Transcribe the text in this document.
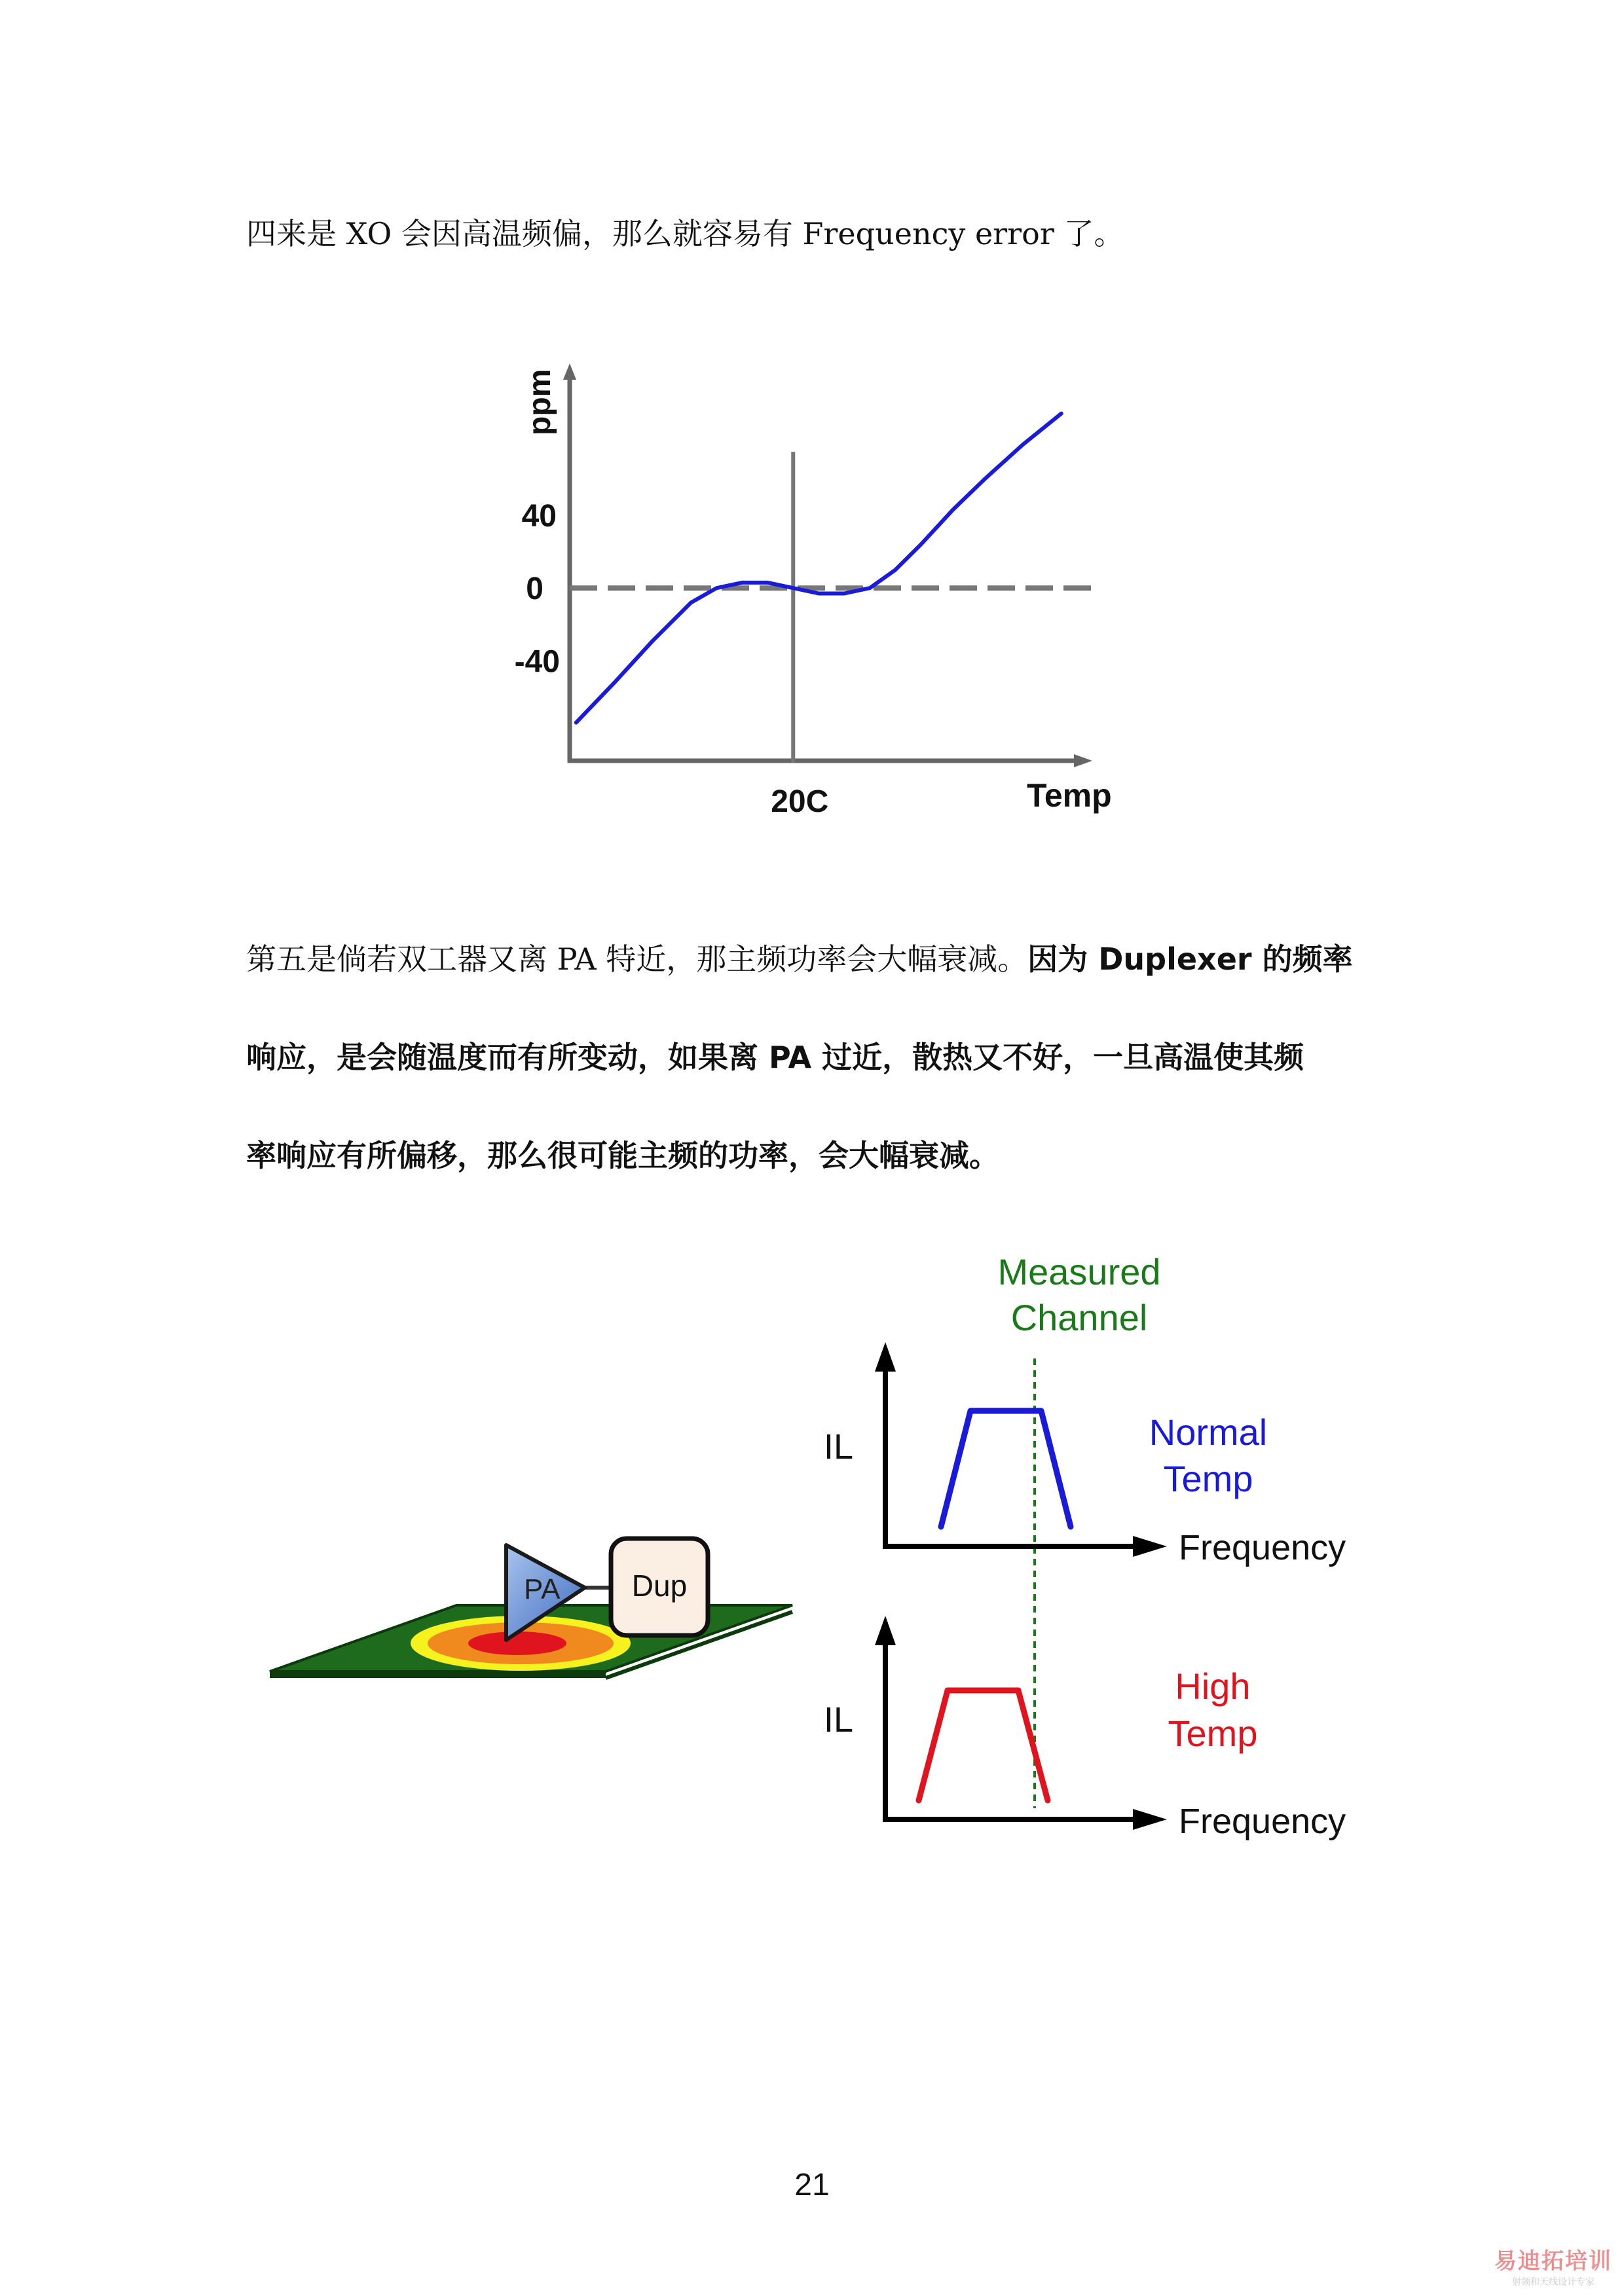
四来是 XO 会因高温频偏，那么就容易有 Frequency error 了。
ppm
40
0
-40
20C	Temp
PA Dup
Measured
Channel
IL
Frequency
Normal
Temp
IL
Frequency
High
Temp
第五是倘若双工器又离 PA 特近，那主频功率会大幅衰减。因为 Duplexer 的频率
响应，是会随温度而有所变动，如果离 PA 过近，散热又不好，一旦高温使其频
率响应有所偏移，那么很可能主频的功率，会大幅衰减。
21
易迪拓培训
射频和天线设计专家
